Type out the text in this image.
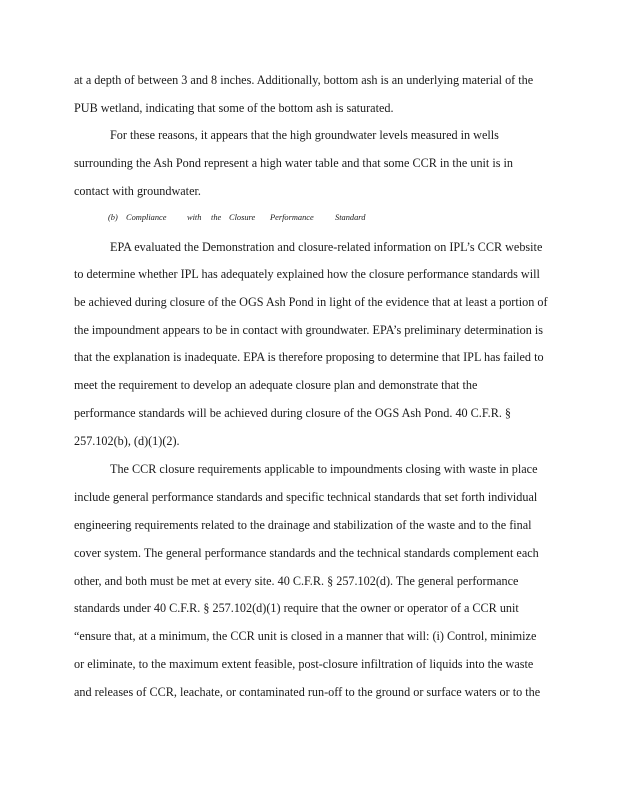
at a depth of between 3 and 8 inches. Additionally, bottom ash is an underlying material of the
PUB wetland, indicating that some of the bottom ash is saturated.
For these reasons, it appears that the high groundwater levels measured in wells
surrounding the Ash Pond represent a high water table and that some CCR in the unit is in
contact with groundwater.
(b) Compliance with the Closure Performance	Standard
EPA evaluated the Demonstration and closure-related information on IPL’s CCR website
to determine whether IPL has adequately explained how the closure performance standards will
be achieved during closure of the OGS Ash Pond in light of the evidence that at least a portion of
the impoundment appears to be in contact with groundwater. EPA’s preliminary determination is
that the explanation is inadequate. EPA is therefore proposing to determine that IPL has failed to
meet the requirement to develop an adequate closure plan and demonstrate that the
performance standards will be achieved during closure of the OGS Ash Pond. 40 C.F.R. §
257.102(b), (d)(1)(2).
The CCR closure requirements applicable to impoundments closing with waste in place
include general performance standards and specific technical standards that set forth individual
engineering requirements related to the drainage and stabilization of the waste and to the final
cover system. The general performance standards and the technical standards complement each
other, and both must be met at every site. 40 C.F.R. § 257.102(d). The general performance
standards under 40 C.F.R. § 257.102(d)(1) require that the owner or operator of a CCR unit
“ensure that, at a minimum, the CCR unit is closed in a manner that will: (i) Control, minimize
or eliminate, to the maximum extent feasible, post-closure infiltration of liquids into the waste
and releases of CCR, leachate, or contaminated run-off to the ground or surface waters or to the
